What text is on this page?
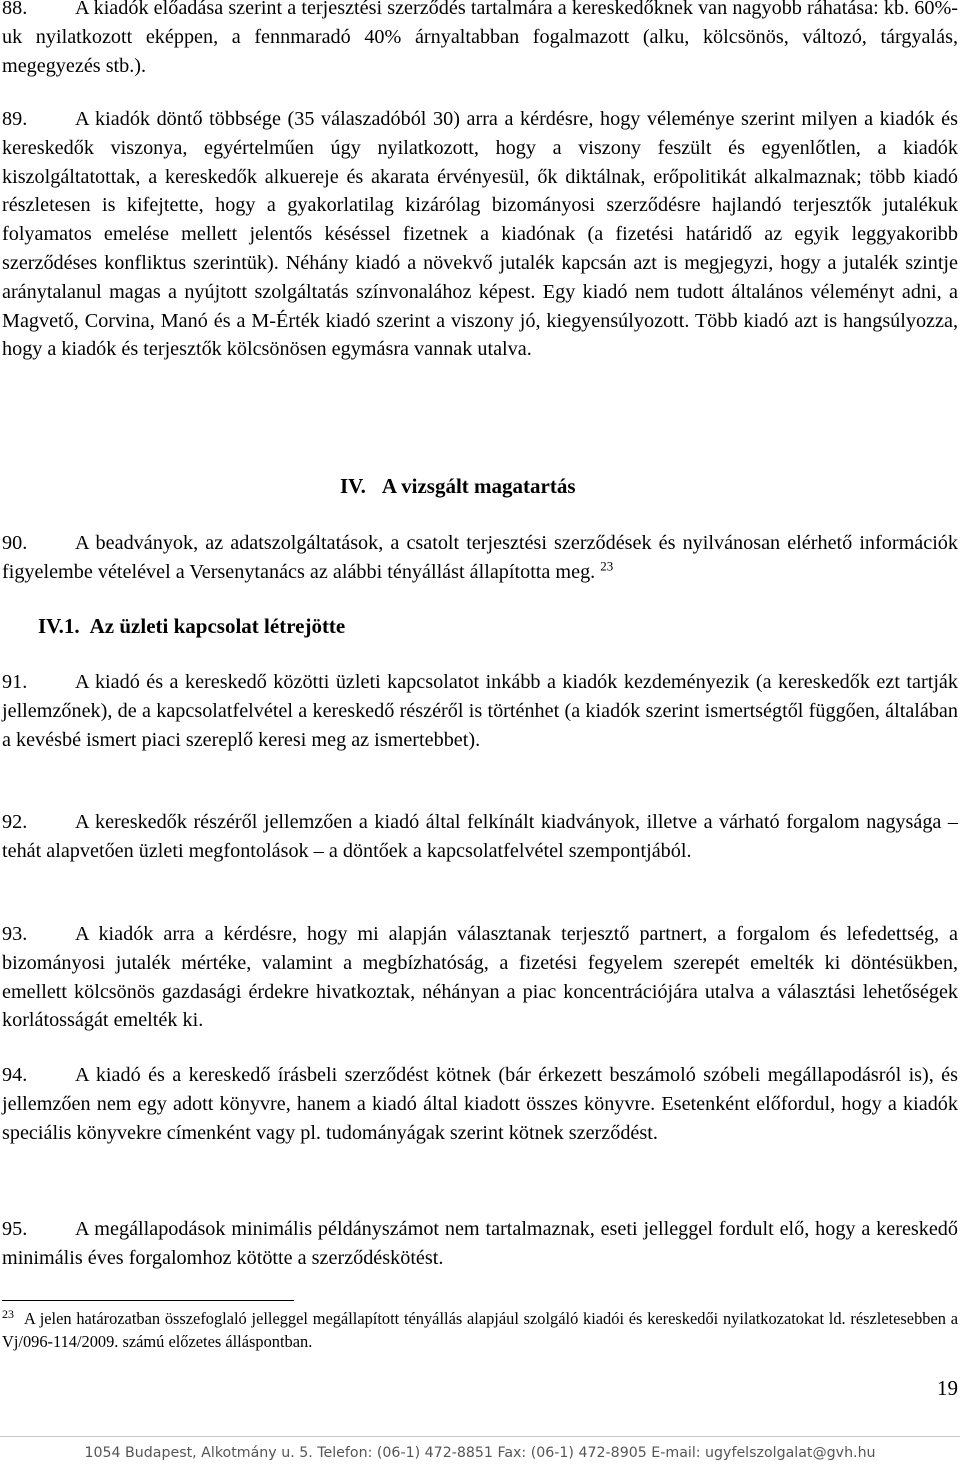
88. A kiadók előadása szerint a terjesztési szerződés tartalmára a kereskedőknek van nagyobb ráhatása: kb. 60%-uk nyilatkozott eképpen, a fennmaradó 40% árnyaltabban fogalmazott (alku, kölcsönös, változó, tárgyalás, megegyezés stb.).

89. A kiadók döntő többsége (35 válaszadóból 30) arra a kérdésre, hogy véleménye szerint milyen a kiadók és kereskedők viszonya, egyértelműen úgy nyilatkozott, hogy a viszony feszült és egyenlőtlen, a kiadók kiszolgáltatottak, a kereskedők alkuereje és akarata érvényesül, ők diktálnak, erőpolitikát alkalmaznak; több kiadó részletesen is kifejtette, hogy a gyakorlatilag kizárólag bizományosi szerződésre hajlandó terjesztők jutalékuk folyamatos emelése mellett jelentős késéssel fizetnek a kiadónak (a fizetési határidő az egyik leggyakoribb szerződéses konfliktus szerintük). Néhány kiadó a növekvő jutalék kapcsán azt is megjegyzi, hogy a jutalék szintje aránytalanul magas a nyújtott szolgáltatás színvonalához képest. Egy kiadó nem tudott általános véleményt adni, a Magvető, Corvina, Manó és a M-Érték kiadó szerint a viszony jó, kiegyensúlyozott. Több kiadó azt is hangsúlyozza, hogy a kiadók és terjesztők kölcsönösen egymásra vannak utalva.

IV. A vizsgált magatartás

90. A beadványok, az adatszolgáltatások, a csatolt terjesztési szerződések és nyilvánosan elérhető információk figyelembe vételével a Versenytanács az alábbi tényállást állapította meg. $^{23}$

IV.1. Az üzleti kapcsolat létrejötte

91. A kiadó és a kereskedő közötti üzleti kapcsolatot inkább a kiadók kezdeményezik (a kereskedők ezt tartják jellemzőnek), de a kapcsolatfelvétel a kereskedő részéről is történhet (a kiadók szerint ismertségtől függően, általában a kevésbé ismert piaci szereplő keresi meg az ismertebbet).

92. A kereskedők részéről jellemzően a kiadó által felkínált kiadványok, illetve a várható forgalom nagysága – tehát alapvetően üzleti megfontolások – a döntőek a kapcsolatfelvétel szempontjából.

93. A kiadók arra a kérdésre, hogy mi alapján választanak terjesztő partnert, a forgalom és lefedettség, a bizományosi jutalék mértéke, valamint a megbízhatóság, a fizetési fegyelem szerepét emelték ki döntésükben, emellett kölcsönös gazdasági érdekre hivatkoztak, néhányan a piac koncentrációjára utalva a választási lehetőségek korlátosságát emelték ki.

94. A kiadó és a kereskedő írásbeli szerződést kötnek (bár érkezett beszámoló szóbeli megállapodásról is), és jellemzően nem egy adott könyvre, hanem a kiadó által kiadott összes könyvre. Esetenként előfordul, hogy a kiadók speciális könyvekre címenként vagy pl. tudományágak szerint kötnek szerződést.

95. A megállapodások minimális példányszámot nem tartalmaznak, eseti jelleggel fordult elő, hogy a kereskedő minimális éves forgalomhoz kötötte a szerződéskötést.

$^{23}$ A jelen határozatban összefoglaló jelleggel megállapított tényállás alapjául szolgáló kiadói és kereskedői nyilatkozatokat ld. részletesebben a Vj/096-114/2009. számú előzetes álláspontban.

19
1054 Budapest, Alkotmány u. 5. Telefon: (06-1) 472-8851 Fax: (06-1) 472-8905 E-mail: ugyfelszolgalat@gvh.hu
